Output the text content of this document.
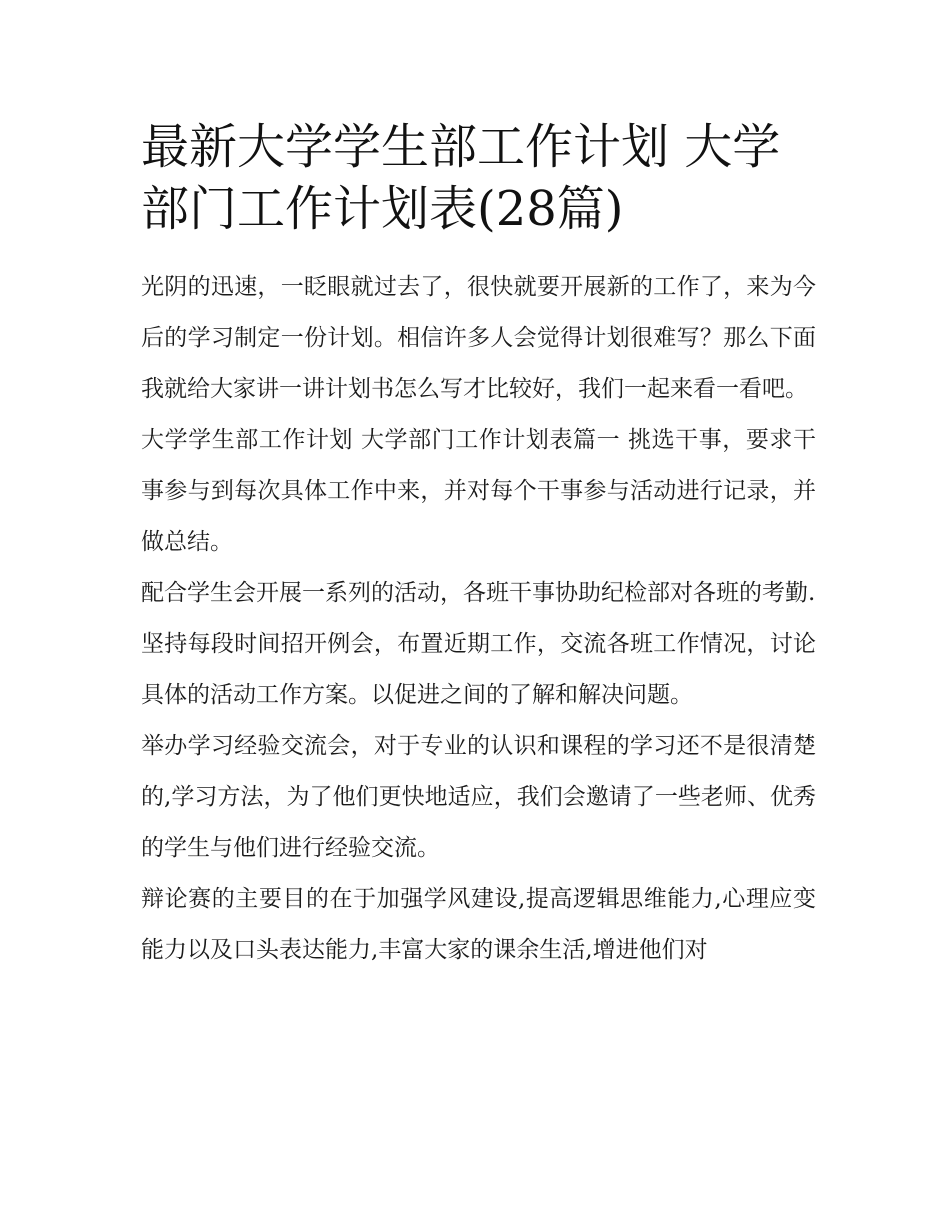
最新大学学生部工作计划 大学部门工作计划表(28篇)

光阴的迅速，一眨眼就过去了，很快就要开展新的工作了，来为今后的学习制定一份计划。相信许多人会觉得计划很难写？那么下面我就给大家讲一讲计划书怎么写才比较好，我们一起来看一看吧。

大学学生部工作计划 大学部门工作计划表篇一 挑选干事，要求干事参与到每次具体工作中来，并对每个干事参与活动进行记录，并做总结。

配合学生会开展一系列的活动，各班干事协助纪检部对各班的考勤.

坚持每段时间招开例会，布置近期工作，交流各班工作情况，讨论具体的活动工作方案。以促进之间的了解和解决问题。

举办学习经验交流会，对于专业的认识和课程的学习还不是很清楚的,学习方法，为了他们更快地适应，我们会邀请了一些老师、优秀的学生与他们进行经验交流。

辩论赛的主要目的在于加强学风建设,提高逻辑思维能力,心理应变能力以及口头表达能力,丰富大家的课余生活,增进他们对
